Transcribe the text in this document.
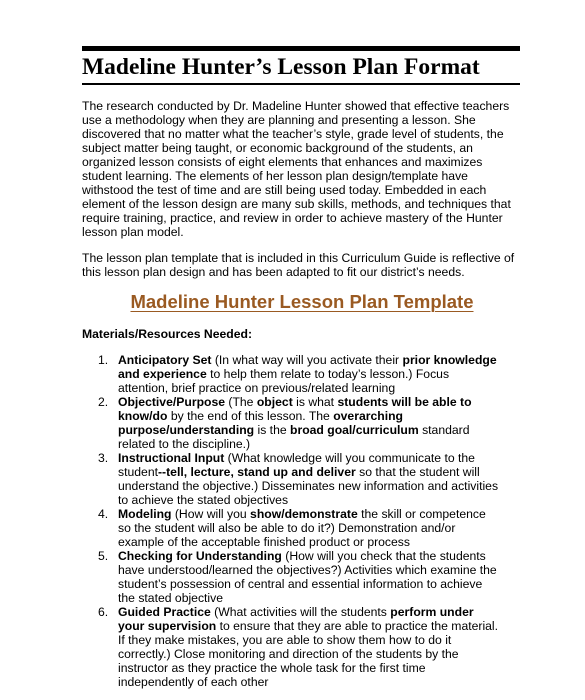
Madeline Hunter’s Lesson Plan Format

The research conducted by Dr. Madeline Hunter showed that effective teachers use a methodology when they are planning and presenting a lesson. She discovered that no matter what the teacher’s style, grade level of students, the subject matter being taught, or economic background of the students, an organized lesson consists of eight elements that enhances and maximizes student learning. The elements of her lesson plan design/template have withstood the test of time and are still being used today. Embedded in each element of the lesson design are many sub skills, methods, and techniques that require training, practice, and review in order to achieve mastery of the Hunter lesson plan model.

The lesson plan template that is included in this Curriculum Guide is reflective of this lesson plan design and has been adapted to fit our district’s needs.

Madeline Hunter Lesson Plan Template
Materials/Resources Needed:
1. Anticipatory Set (In what way will you activate their prior knowledge and experience to help them relate to today’s lesson.) Focus attention, brief practice on previous/related learning
2. Objective/Purpose (The object is what students will be able to know/do by the end of this lesson. The overarching purpose/understanding is the broad goal/curriculum standard related to the discipline.)
3. Instructional Input (What knowledge will you communicate to the student--tell, lecture, stand up and deliver so that the student will understand the objective.) Disseminates new information and activities to achieve the stated objectives
4. Modeling (How will you show/demonstrate the skill or competence so the student will also be able to do it?) Demonstration and/or example of the acceptable finished product or process
5. Checking for Understanding (How will you check that the students have understood/learned the objectives?) Activities which examine the student’s possession of central and essential information to achieve the stated objective
6. Guided Practice (What activities will the students perform under your supervision to ensure that they are able to practice the material. If they make mistakes, you are able to show them how to do it correctly.) Close monitoring and direction of the students by the instructor as they practice the whole task for the first time independently of each other
